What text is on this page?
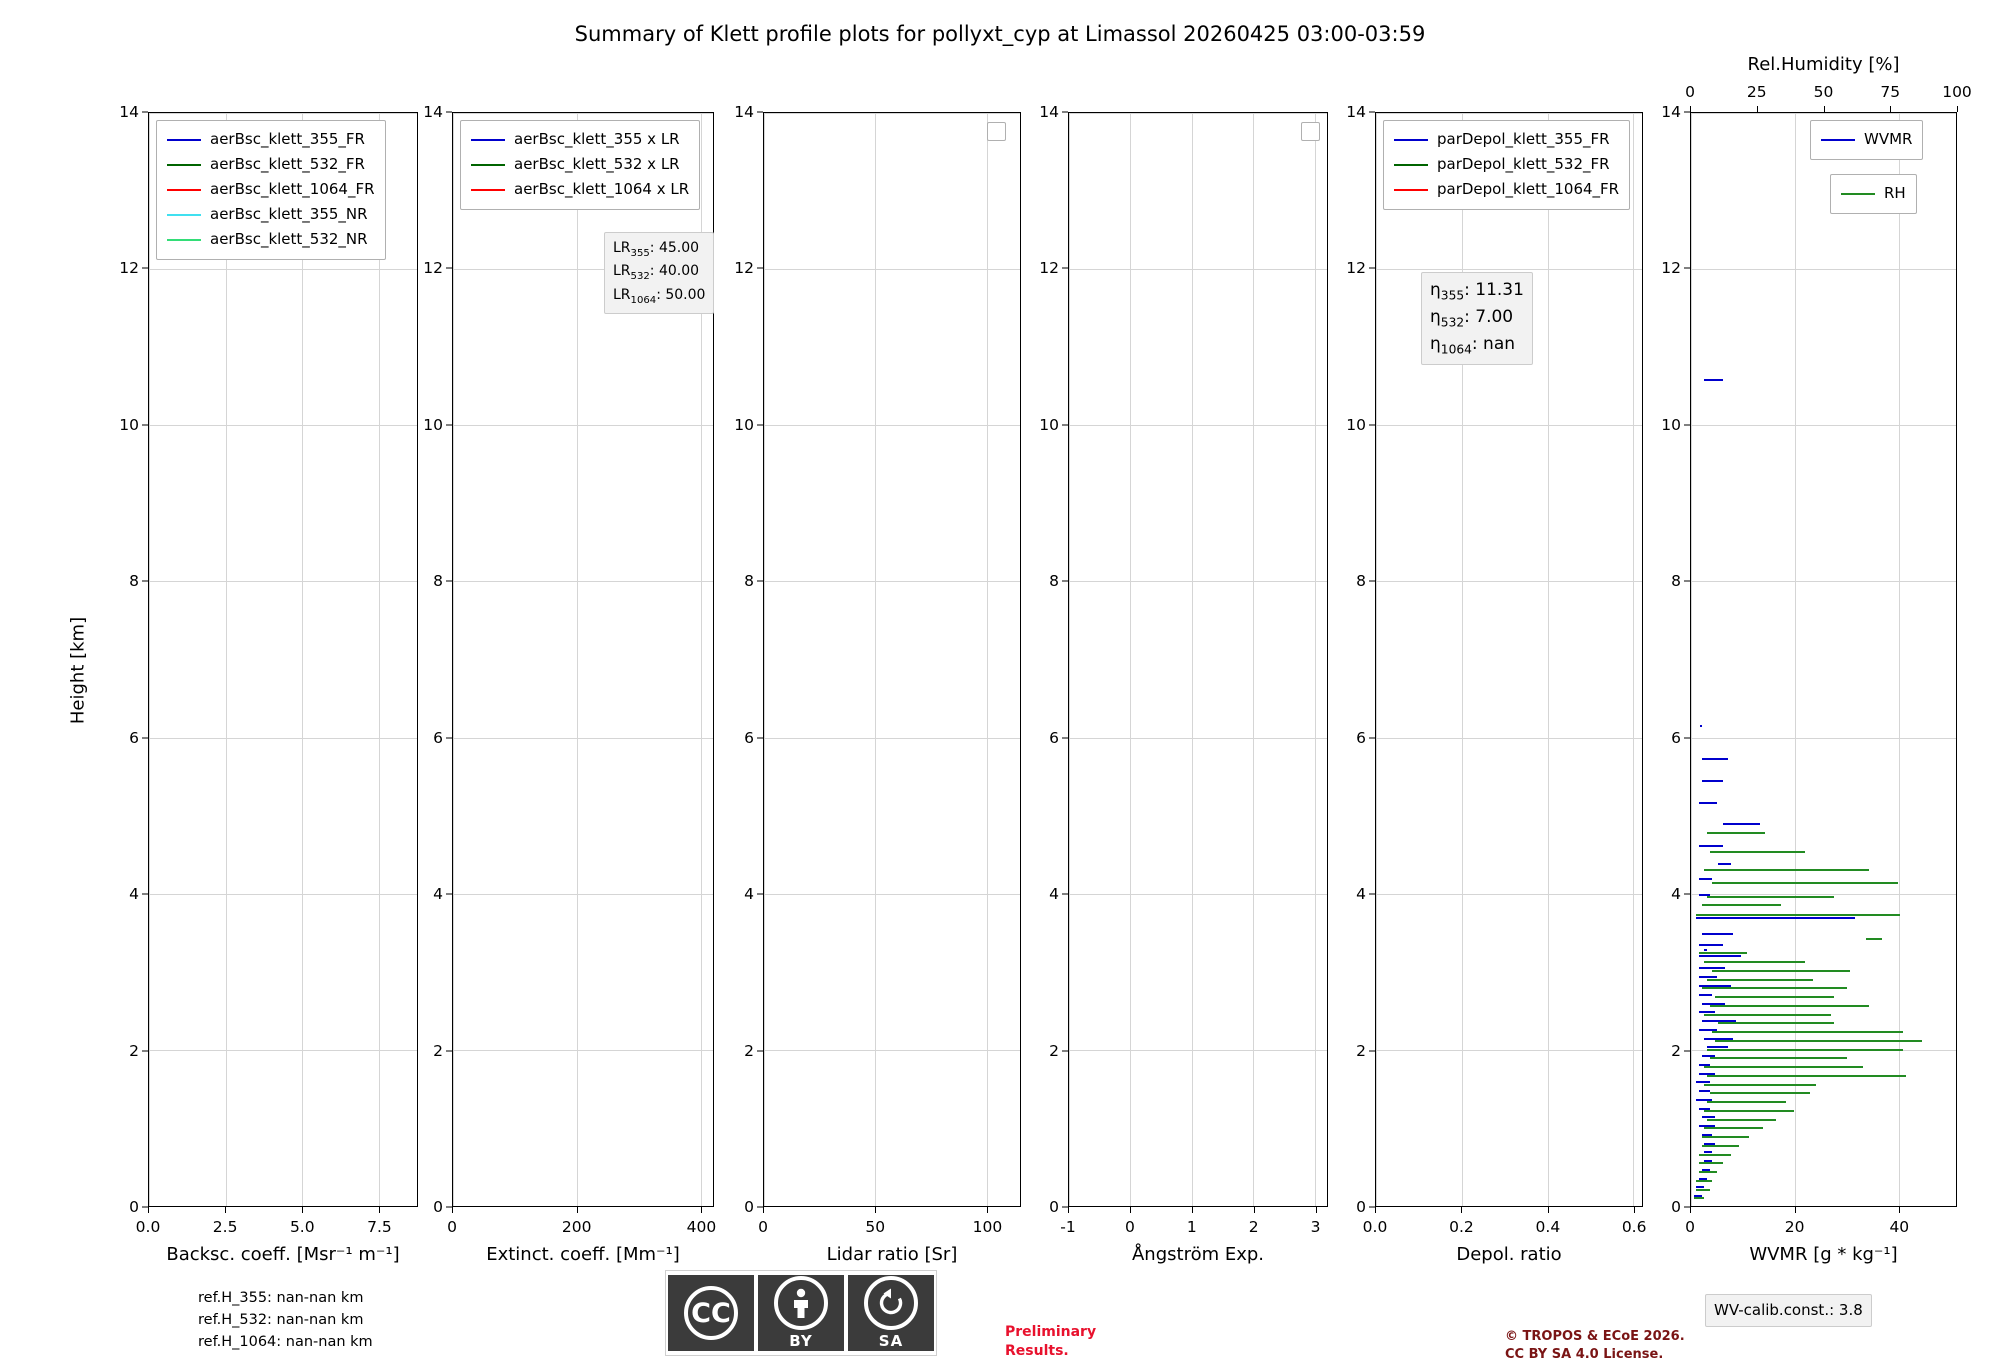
Summary of Klett profile plots for pollyxt_cyp at Limassol 20260425 03:00-03:59
Height [km]
0
2
4
6
8
10
12
14
0.0	2.5	5.0	7.5
Backsc. coeff. [Msr⁻¹ m⁻¹]
aerBsc_klett_355_FR
aerBsc_klett_532_FR
aerBsc_klett_1064_FR
aerBsc_klett_355_NR
aerBsc_klett_532_NR
0
2
4
6
8
10
12
14
0	200	400
Extinct. coeff. [Mm⁻¹]
aerBsc_klett_355 x LR
aerBsc_klett_532 x LR
aerBsc_klett_1064 x LR
$LR_{355}$: 45.00
$LR_{532}$: 40.00
$LR_{1064}$: 50.00
0
2
4
6
8
10
12
14
0	50	100
Lidar ratio [Sr]
0
2
4
6
8
10
12
14
-1	0	1	2	3
Ångström Exp.
0
2
4
6
8
10
12
14
0.0	0.2	0.4	0.6
Depol. ratio
parDepol_klett_355_FR
parDepol_klett_532_FR
parDepol_klett_1064_FR
$\eta_{355}$: 11.31
$\eta_{532}$: 7.00
$\eta_{1064}$: nan
0
2
4
6
8
10
12
14
0	20	40
WVMR [g * kg⁻¹]
0	25	50	75	100
Rel.Humidity [%]
WVMR
RH
ref.H_355: nan-nan km
ref.H_532: nan-nan km
ref.H_1064: nan-nan km
WV-calib.const.: 3.8
Preliminary
Results.
© TROPOS & ECoE 2026.
CC BY SA 4.0 License.
CC
BY	SA
